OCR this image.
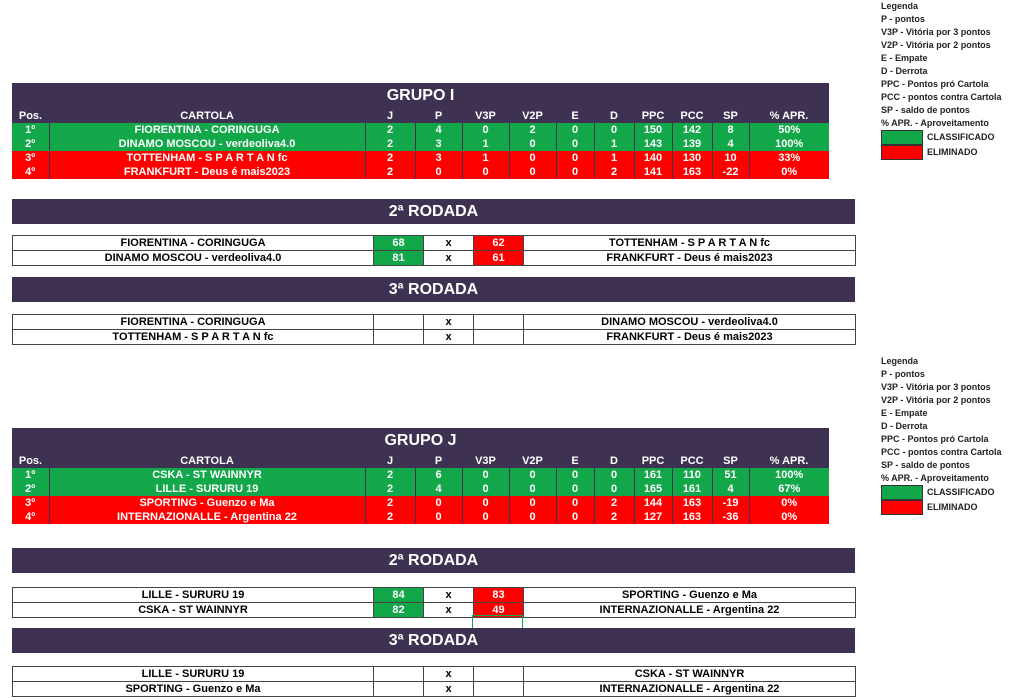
Legenda
P - pontos
V3P - Vitória por 3 pontos
V2P - Vitória por 2 pontos
E - Empate
D - Derrota
PPC - Pontos pró Cartola
PCC - pontos contra Cartola
SP - saldo de pontos
% APR. - Aproveitamento
CLASSIFICADO
ELIMINADO
GRUPO I
Pos.	CARTOLA	J	P	V3P	V2P	E	D	PPC	PCC	SP	% APR.
1º	FIORENTINA - CORINGUGA	2	4	0	2	0	0	150	142	8	50%
2º	DINAMO MOSCOU - verdeoliva4.0	2	3	1	0	0	1	143	139	4	100%
3º	TOTTENHAM - S P A R T A N fc	2	3	1	0	0	1	140	130	10	33%
4º	FRANKFURT - Deus é mais2023	2	0	0	0	0	2	141	163	-22	0%
2ª RODADA
FIORENTINA - CORINGUGA	68	x	62	TOTTENHAM - S P A R T A N fc
DINAMO MOSCOU - verdeoliva4.0	81	x	61	FRANKFURT - Deus é mais2023
3ª RODADA
FIORENTINA - CORINGUGA		x		DINAMO MOSCOU - verdeoliva4.0
TOTTENHAM - S P A R T A N fc		x		FRANKFURT - Deus é mais2023
Legenda
P - pontos
V3P - Vitória por 3 pontos
V2P - Vitória por 2 pontos
E - Empate
D - Derrota
PPC - Pontos pró Cartola
PCC - pontos contra Cartola
SP - saldo de pontos
% APR. - Aproveitamento
CLASSIFICADO
ELIMINADO
GRUPO J
Pos.	CARTOLA	J	P	V3P	V2P	E	D	PPC	PCC	SP	% APR.
1º	CSKA - ST WAINNYR	2	6	0	0	0	0	161	110	51	100%
2º	LILLE - SURURU 19	2	4	0	0	0	0	165	161	4	67%
3º	SPORTING - Guenzo e Ma	2	0	0	0	0	2	144	163	-19	0%
4º	INTERNAZIONALLE - Argentina 22	2	0	0	0	0	2	127	163	-36	0%
2ª RODADA
LILLE - SURURU 19	84	x	83	SPORTING - Guenzo e Ma
CSKA - ST WAINNYR	82	x	49	INTERNAZIONALLE - Argentina 22
3ª RODADA
LILLE - SURURU 19		x		CSKA - ST WAINNYR
SPORTING - Guenzo e Ma		x		INTERNAZIONALLE - Argentina 22
